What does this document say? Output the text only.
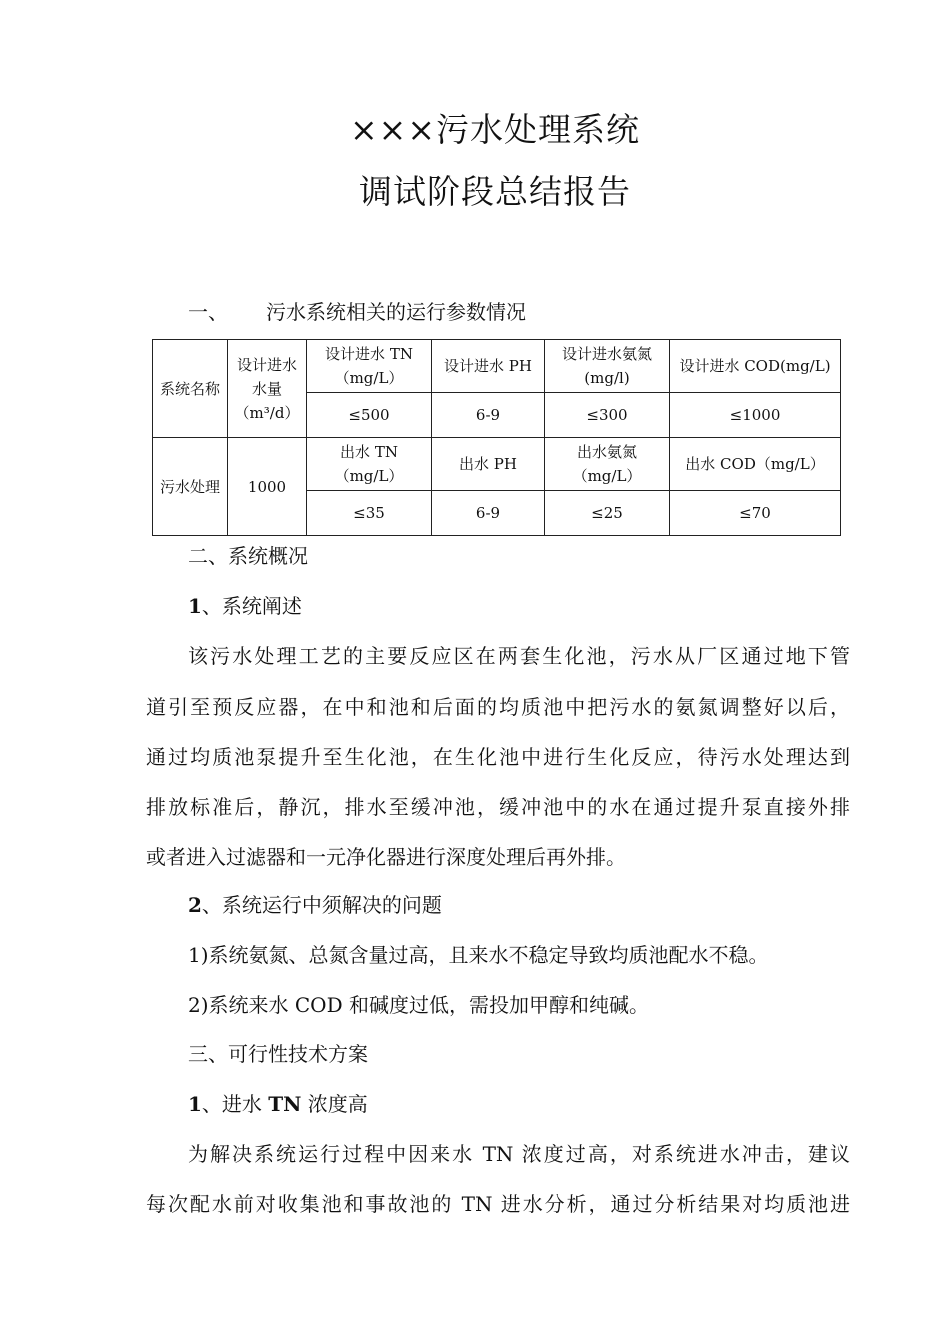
×××污水处理系统
调试阶段总结报告
一、 污水系统相关的运行参数情况
系统名称	设计进水水量（m³/d）	设计进水 TN（mg/L）	设计进水 PH	设计进水氨氮(mg/l)	设计进水 COD(mg/L)
		≤500	6-9	≤300	≤1000
污水处理	1000	出水 TN（mg/L）	出水 PH	出水氨氮（mg/L）	出水 COD（mg/L）
		≤35	6-9	≤25	≤70
二、系统概况
1、系统阐述
该污水处理工艺的主要反应区在两套生化池，污水从厂区通过地下管
道引至预反应器，在中和池和后面的均质池中把污水的氨氮调整好以后，
通过均质池泵提升至生化池，在生化池中进行生化反应，待污水处理达到
排放标准后，静沉，排水至缓冲池，缓冲池中的水在通过提升泵直接外排
或者进入过滤器和一元净化器进行深度处理后再外排。
2、系统运行中须解决的问题
1)系统氨氮、总氮含量过高，且来水不稳定导致均质池配水不稳。
2)系统来水 COD 和碱度过低，需投加甲醇和纯碱。
三、可行性技术方案
1、进水 TN 浓度高
为解决系统运行过程中因来水 TN 浓度过高，对系统进水冲击，建议
每次配水前对收集池和事故池的 TN 进水分析，通过分析结果对均质池进
